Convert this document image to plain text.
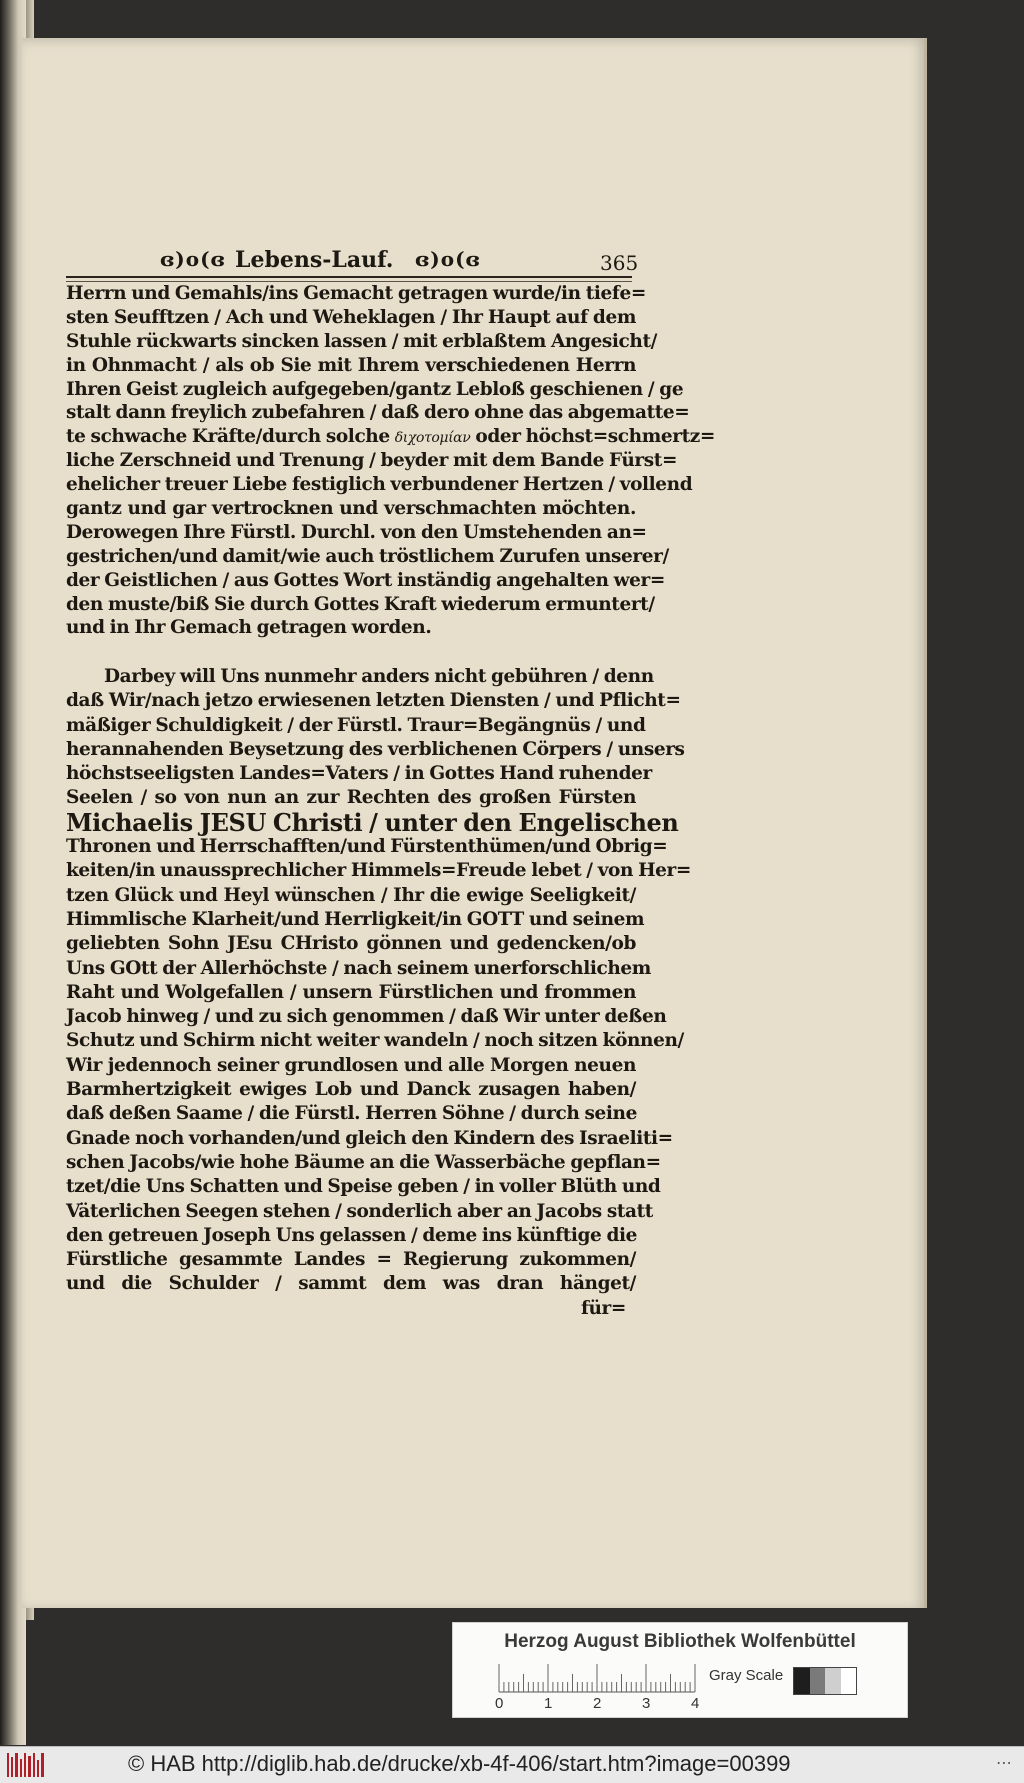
ɞ)o(ɞ Lebens-Lauf. ɞ)o(ɞ	365
Herrn und Gemahls/ins Gemacht getragen wurde/in tiefe=
sten Seufftzen / Ach und Weheklagen / Ihr Haupt auf dem
Stuhle rückwarts sincken lassen / mit erblaßtem Angesicht/
in Ohnmacht / als ob Sie mit Ihrem verschiedenen Herrn
Ihren Geist zugleich aufgegeben/gantz Lebloß geschienen / ge
stalt dann freylich zubefahren / daß dero ohne das abgematte=
te schwache Kräfte/durch solche διχοτομίαν oder höchst=schmertz=
liche Zerschneid und Trenung / beyder mit dem Bande Fürst=
ehelicher treuer Liebe festiglich verbundener Hertzen / vollend
gantz und gar vertrocknen und verschmachten möchten.
Derowegen Ihre Fürstl. Durchl. von den Umstehenden an=
gestrichen/und damit/wie auch tröstlichem Zurufen unserer/
der Geistlichen / aus Gottes Wort inständig angehalten wer=
den muste/biß Sie durch Gottes Kraft wiederum ermuntert/
und in Ihr Gemach getragen worden.
Darbey will Uns nunmehr anders nicht gebühren / denn
daß Wir/nach jetzo erwiesenen letzten Diensten / und Pflicht=
mäßiger Schuldigkeit / der Fürstl. Traur=Begängnüs / und
herannahenden Beysetzung des verblichenen Cörpers / unsers
höchstseeligsten Landes=Vaters / in Gottes Hand ruhender
Seelen / so von nun an zur Rechten des großen Fürsten
Michaelis JESU Christi / unter den Engelischen
Thronen und Herrschafften/und Fürstenthümen/und Obrig=
keiten/in unaussprechlicher Himmels=Freude lebet / von Her=
tzen Glück und Heyl wünschen / Ihr die ewige Seeligkeit/
Himmlische Klarheit/und Herrligkeit/in GOTT und seinem
geliebten Sohn JEsu CHristo gönnen und gedencken/ob
Uns GOtt der Allerhöchste / nach seinem unerforschlichem
Raht und Wolgefallen / unsern Fürstlichen und frommen
Jacob hinweg / und zu sich genommen / daß Wir unter deßen
Schutz und Schirm nicht weiter wandeln / noch sitzen können/
Wir jedennoch seiner grundlosen und alle Morgen neuen
Barmhertzigkeit ewiges Lob und Danck zusagen haben/
daß deßen Saame / die Fürstl. Herren Söhne / durch seine
Gnade noch vorhanden/und gleich den Kindern des Israeliti=
schen Jacobs/wie hohe Bäume an die Wasserbäche gepflan=
tzet/die Uns Schatten und Speise geben / in voller Blüth und
Väterlichen Seegen stehen / sonderlich aber an Jacobs statt
den getreuen Joseph Uns gelassen / deme ins künftige die
Fürstliche gesammte Landes = Regierung zukommen/
und die Schulder / sammt dem was dran hänget/
für=
Herzog August Bibliothek Wolfenbüttel
0	1	2	3	4
Gray Scale
© HAB http://diglib.hab.de/drucke/xb-4f-406/start.htm?image=00399	⋯
